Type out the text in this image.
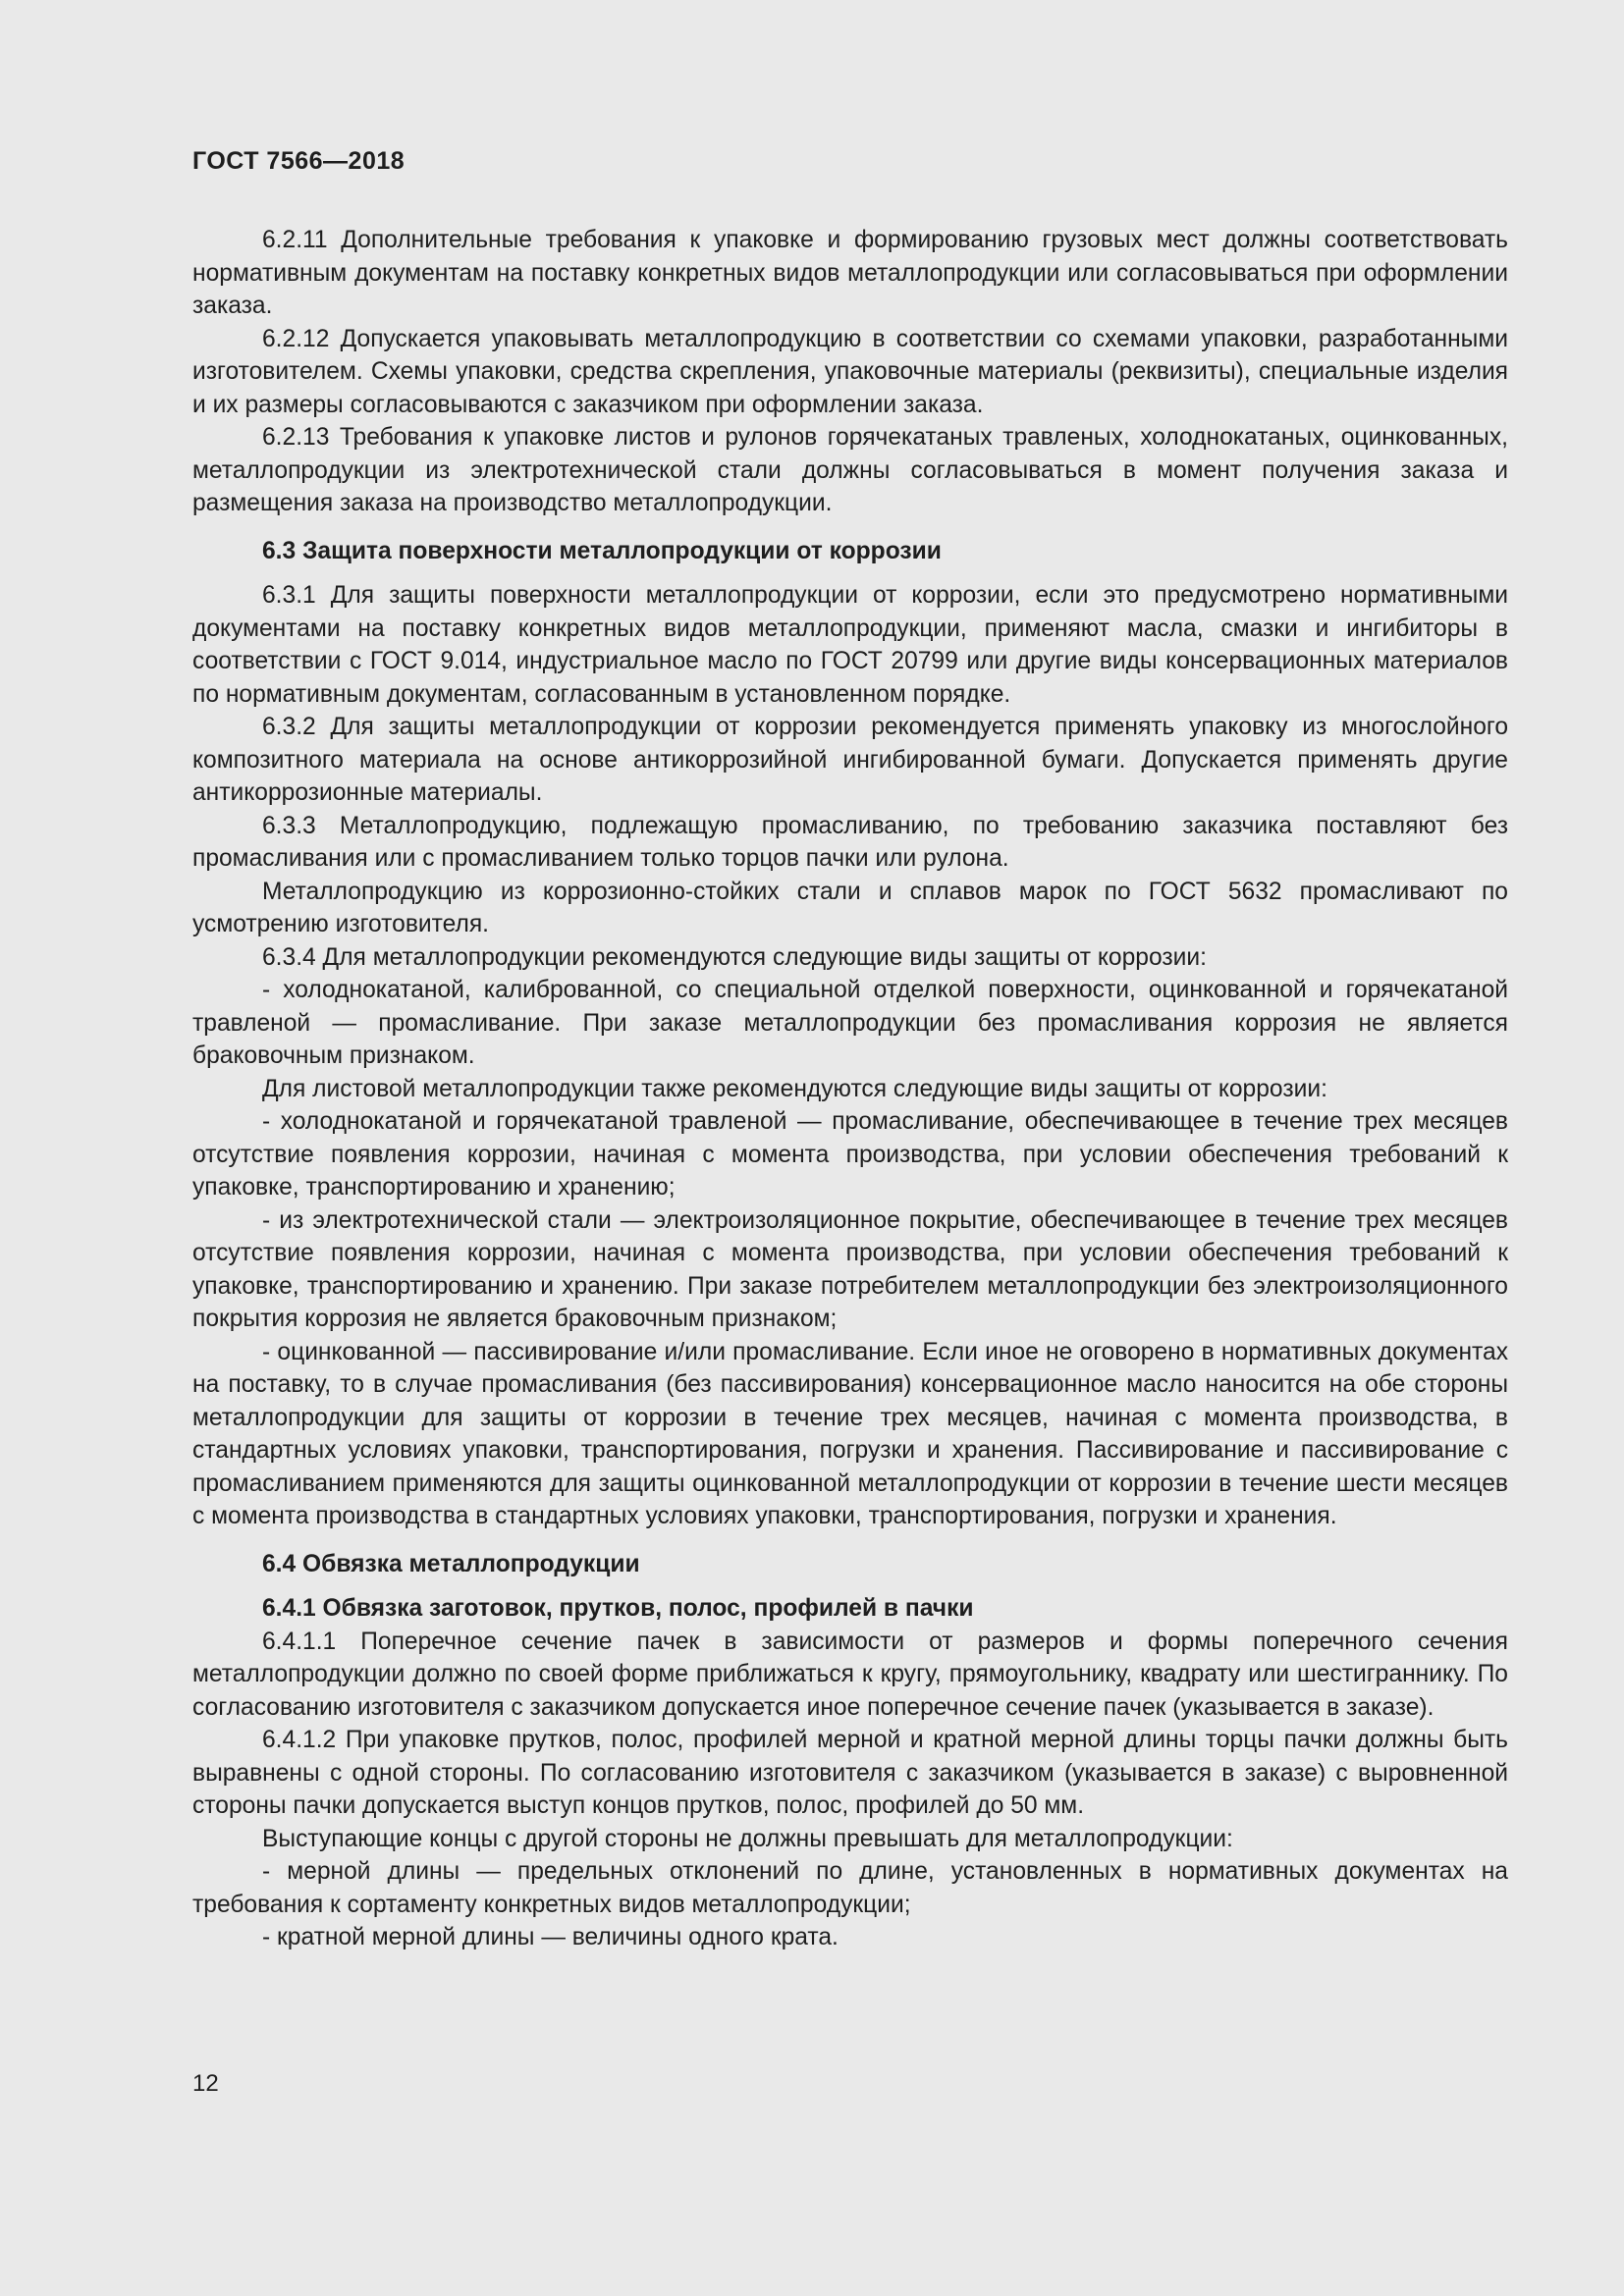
ГОСТ 7566—2018

6.2.11 Дополнительные требования к упаковке и формированию грузовых мест должны соответствовать нормативным документам на поставку конкретных видов металлопродукции или согласовываться при оформлении заказа.

6.2.12 Допускается упаковывать металлопродукцию в соответствии со схемами упаковки, разработанными изготовителем. Схемы упаковки, средства скрепления, упаковочные материалы (реквизиты), специальные изделия и их размеры согласовываются с заказчиком при оформлении заказа.

6.2.13 Требования к упаковке листов и рулонов горячекатаных травленых, холоднокатаных, оцинкованных, металлопродукции из электротехнической стали должны согласовываться в момент получения заказа и размещения заказа на производство металлопродукции.

6.3 Защита поверхности металлопродукции от коррозии

6.3.1 Для защиты поверхности металлопродукции от коррозии, если это предусмотрено нормативными документами на поставку конкретных видов металлопродукции, применяют масла, смазки и ингибиторы в соответствии с ГОСТ 9.014, индустриальное масло по ГОСТ 20799 или другие виды консервационных материалов по нормативным документам, согласованным в установленном порядке.

6.3.2 Для защиты металлопродукции от коррозии рекомендуется применять упаковку из многослойного композитного материала на основе антикоррозийной ингибированной бумаги. Допускается применять другие антикоррозионные материалы.

6.3.3 Металлопродукцию, подлежащую промасливанию, по требованию заказчика поставляют без промасливания или с промасливанием только торцов пачки или рулона.

Металлопродукцию из коррозионно-стойких стали и сплавов марок по ГОСТ 5632 промасливают по усмотрению изготовителя.

6.3.4 Для металлопродукции рекомендуются следующие виды защиты от коррозии:

- холоднокатаной, калиброванной, со специальной отделкой поверхности, оцинкованной и горячекатаной травленой — промасливание. При заказе металлопродукции без промасливания коррозия не является браковочным признаком.

Для листовой металлопродукции также рекомендуются следующие виды защиты от коррозии:

- холоднокатаной и горячекатаной травленой — промасливание, обеспечивающее в течение трех месяцев отсутствие появления коррозии, начиная с момента производства, при условии обеспечения требований к упаковке, транспортированию и хранению;

- из электротехнической стали — электроизоляционное покрытие, обеспечивающее в течение трех месяцев отсутствие появления коррозии, начиная с момента производства, при условии обеспечения требований к упаковке, транспортированию и хранению. При заказе потребителем металлопродукции без электроизоляционного покрытия коррозия не является браковочным признаком;

- оцинкованной — пассивирование и/или промасливание. Если иное не оговорено в нормативных документах на поставку, то в случае промасливания (без пассивирования) консервационное масло наносится на обе стороны металлопродукции для защиты от коррозии в течение трех месяцев, начиная с момента производства, в стандартных условиях упаковки, транспортирования, погрузки и хранения. Пассивирование и пассивирование с промасливанием применяются для защиты оцинкованной металлопродукции от коррозии в течение шести месяцев с момента производства в стандартных условиях упаковки, транспортирования, погрузки и хранения.

6.4 Обвязка металлопродукции
6.4.1 Обвязка заготовок, прутков, полос, профилей в пачки

6.4.1.1 Поперечное сечение пачек в зависимости от размеров и формы поперечного сечения металлопродукции должно по своей форме приближаться к кругу, прямоугольнику, квадрату или шестиграннику. По согласованию изготовителя с заказчиком допускается иное поперечное сечение пачек (указывается в заказе).

6.4.1.2 При упаковке прутков, полос, профилей мерной и кратной мерной длины торцы пачки должны быть выравнены с одной стороны. По согласованию изготовителя с заказчиком (указывается в заказе) с выровненной стороны пачки допускается выступ концов прутков, полос, профилей до 50 мм.

Выступающие концы с другой стороны не должны превышать для металлопродукции:

- мерной длины — предельных отклонений по длине, установленных в нормативных документах на требования к сортаменту конкретных видов металлопродукции;

- кратной мерной длины — величины одного крата.

12
